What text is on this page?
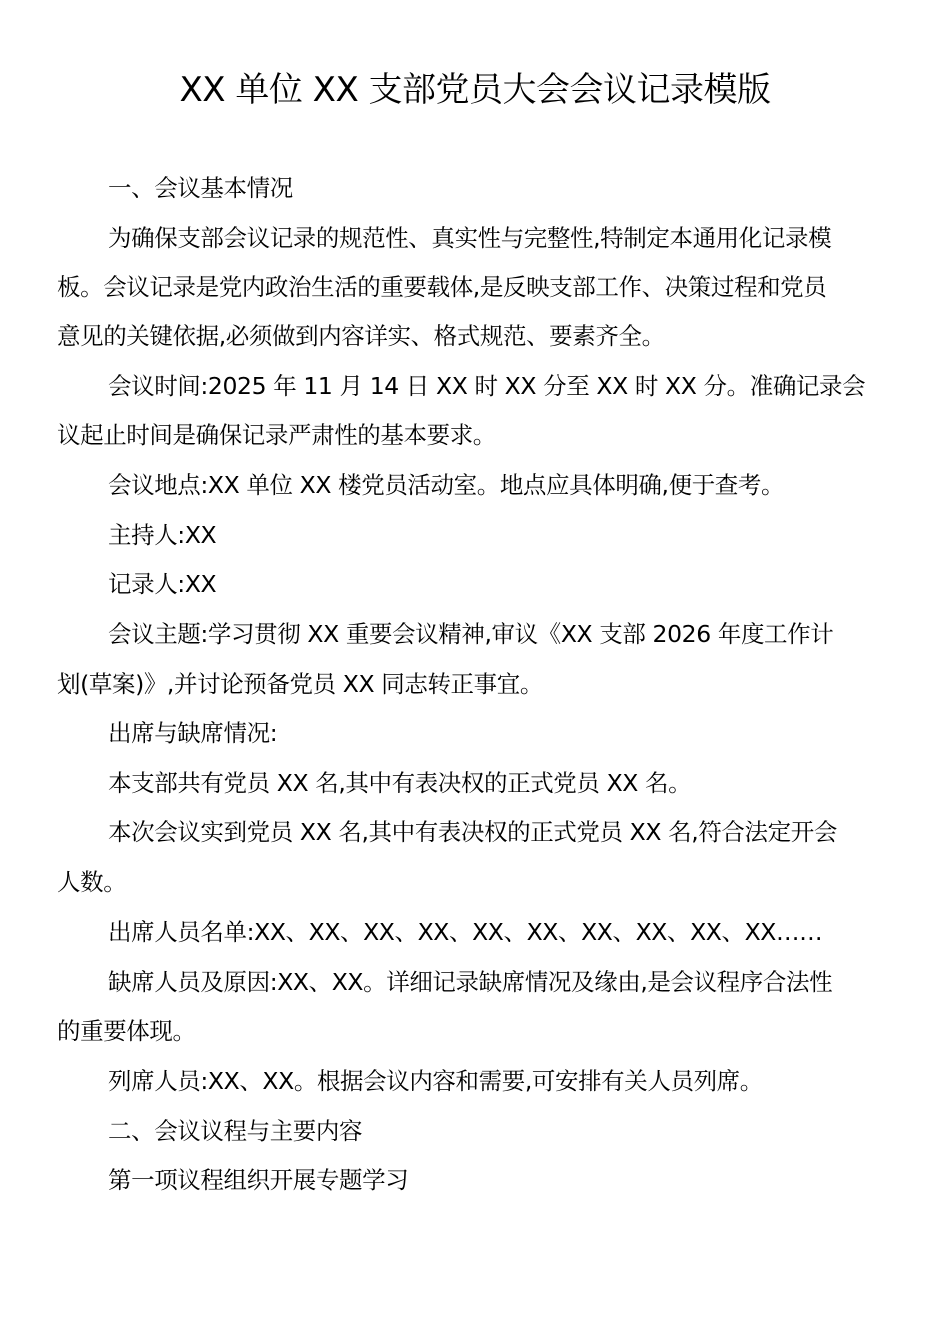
XX 单位 XX 支部党员大会会议记录模版
一、会议基本情况
为确保支部会议记录的规范性、真实性与完整性,特制定本通用化记录模
板。会议记录是党内政治生活的重要载体,是反映支部工作、决策过程和党员
意见的关键依据,必须做到内容详实、格式规范、要素齐全。
会议时间:2025 年 11 月 14 日 XX 时 XX 分至 XX 时 XX 分。准确记录会
议起止时间是确保记录严肃性的基本要求。
会议地点:XX 单位 XX 楼党员活动室。地点应具体明确,便于查考。
主持人:XX
记录人:XX
会议主题:学习贯彻 XX 重要会议精神,审议《XX 支部 2026 年度工作计
划(草案)》,并讨论预备党员 XX 同志转正事宜。
出席与缺席情况:
本支部共有党员 XX 名,其中有表决权的正式党员 XX 名。
本次会议实到党员 XX 名,其中有表决权的正式党员 XX 名,符合法定开会
人数。
出席人员名单:XX、XX、XX、XX、XX、XX、XX、XX、XX、XX……
缺席人员及原因:XX、XX。详细记录缺席情况及缘由,是会议程序合法性
的重要体现。
列席人员:XX、XX。根据会议内容和需要,可安排有关人员列席。
二、会议议程与主要内容
第一项议程组织开展专题学习
